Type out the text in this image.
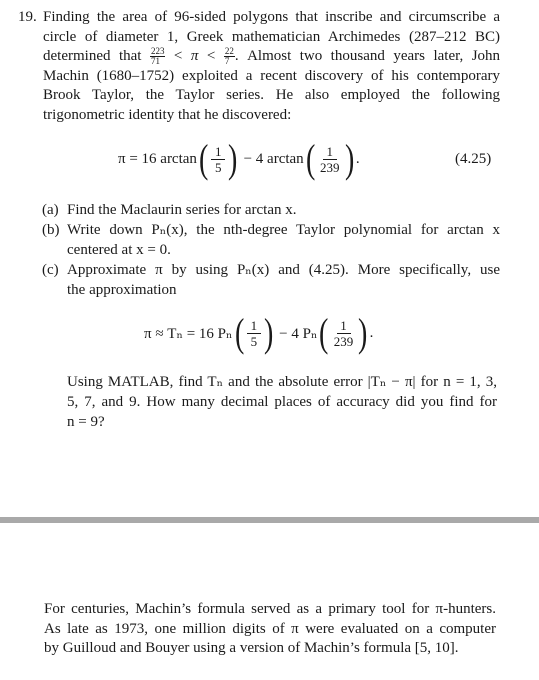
19. Finding the area of 96-sided polygons that inscribe and circumscribe a
circle of diameter 1, Greek mathematician Archimedes (287–212 BC)
determined that $\frac{223}{71} < \pi < \frac{22}{7}$ . Almost two thousand years later, John
Machin (1680–1752) exploited a recent discovery of his contemporary
Brook Taylor, the Taylor series. He also employed the following
trigonometric identity that he discovered:
π = 16 arctan ( 1
5 ) − 4 arctan ( 1
239 ) .	(4.25)
(a) Find the Maclaurin series for arctan x.
(b) Write down Pₙ(x), the nth-degree Taylor polynomial for arctan x
centered at x = 0.
(c) Approximate π by using Pₙ(x) and (4.25). More specifically, use
the approximation
π ≈ Tₙ = 16 Pₙ ( 1
5 ) − 4 Pₙ ( 1
239 ) .
Using MATLAB, find Tₙ and the absolute error |Tₙ − π| for n = 1, 3,
5, 7, and 9. How many decimal places of accuracy did you find for
n = 9?
For centuries, Machin’s formula served as a primary tool for π-hunters.
As late as 1973, one million digits of π were evaluated on a computer
by Guilloud and Bouyer using a version of Machin’s formula [5, 10].
